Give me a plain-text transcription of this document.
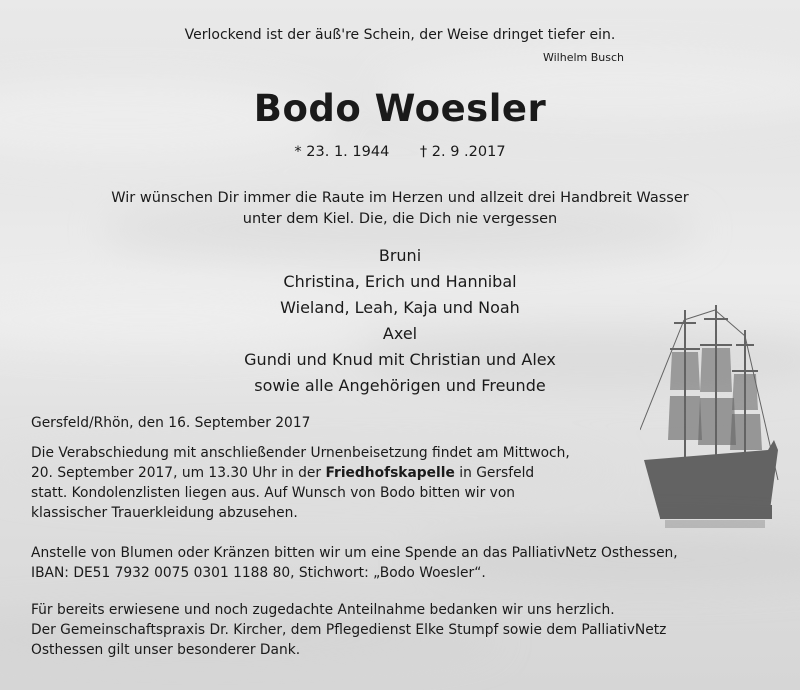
Verlockend ist der äuß're Schein, der Weise dringet tiefer ein.
Wilhelm Busch
Bodo Woesler
* 23. 1. 1944 † 2. 9 .2017
Wir wünschen Dir immer die Raute im Herzen und allzeit drei Handbreit Wasser
unter dem Kiel. Die, die Dich nie vergessen
Bruni
Christina, Erich und Hannibal
Wieland, Leah, Kaja und Noah
Axel
Gundi und Knud mit Christian und Alex
sowie alle Angehörigen und Freunde
Gersfeld/Rhön, den 16. September 2017
Die Verabschiedung mit anschließender Urnenbeisetzung findet am Mittwoch,
20. September 2017, um 13.30 Uhr in der Friedhofskapelle in Gersfeld
statt. Kondolenzlisten liegen aus. Auf Wunsch von Bodo bitten wir von
klassischer Trauerkleidung abzusehen.
Anstelle von Blumen oder Kränzen bitten wir um eine Spende an das PalliativNetz Osthessen,
IBAN: DE51 7932 0075 0301 1188 80, Stichwort: „Bodo Woesler“.
Für bereits erwiesene und noch zugedachte Anteilnahme bedanken wir uns herzlich.
Der Gemeinschaftspraxis Dr. Kircher, dem Pflegedienst Elke Stumpf sowie dem PalliativNetz
Osthessen gilt unser besonderer Dank.
